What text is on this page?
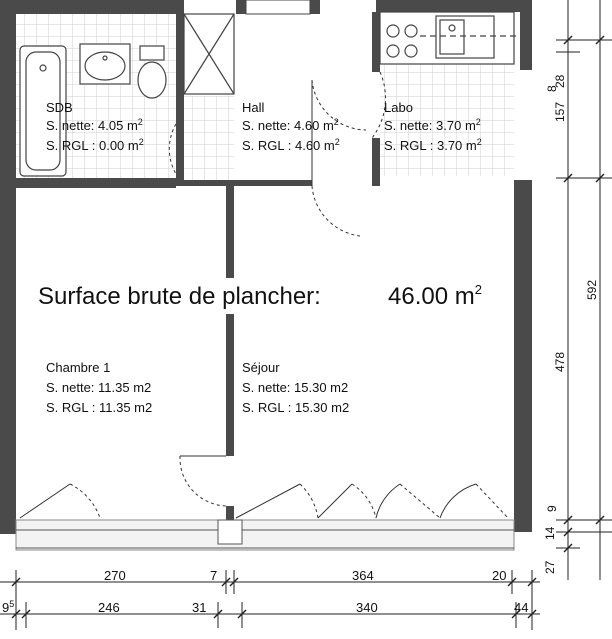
SDB
S. nette: 4.05 $m^2$
S. RGL : 0.00 $m^2$
Hall
S. nette: 4.60 $m^2$
S. RGL : 4.60 $m^2$
Labo
S. nette: 3.70 $m^2$
S. RGL : 3.70 $m^2$
Chambre 1
S. nette: 11.35 m2
S. RGL : 11.35 m2
Séjour
S. nette: 15.30 m2
S. RGL : 15.30 m2
Surface brute de plancher:	46.00 $m^2$
270	7	364	20
$9^5$	246	31	340	44
28
157
478
14
27
8
592
9
